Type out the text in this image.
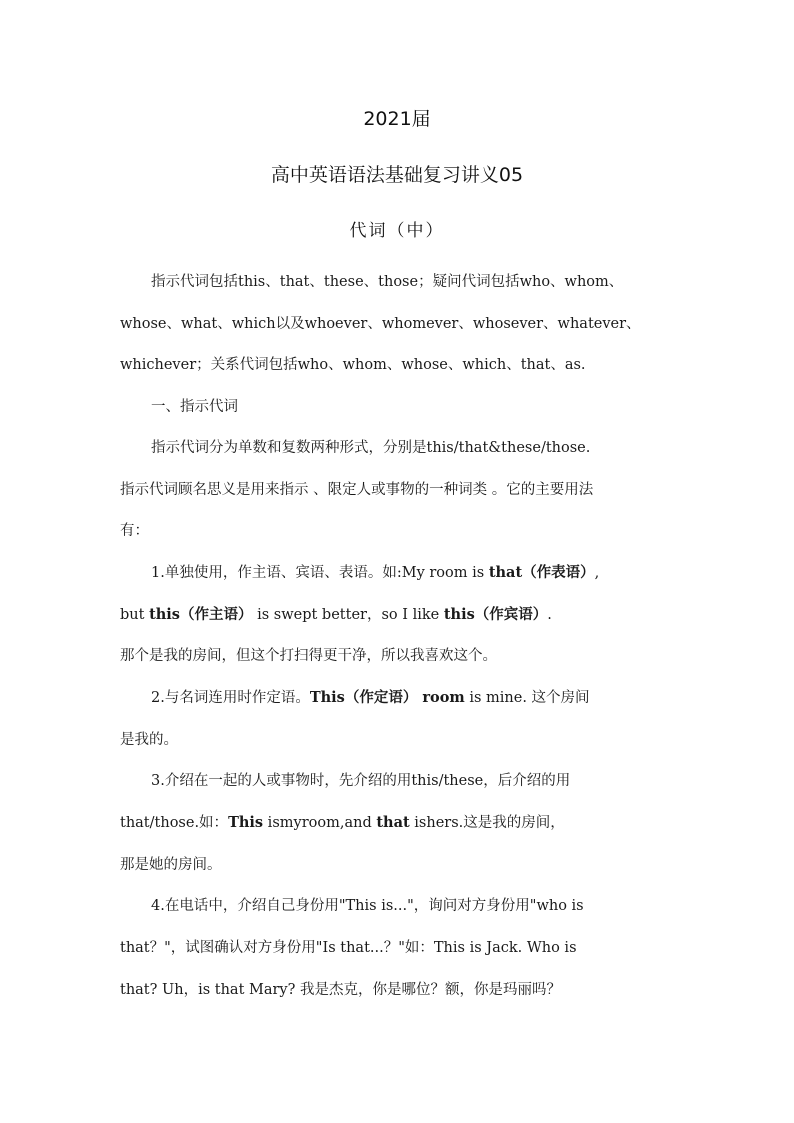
2021届
高中英语语法基础复习讲义05
代词（中）
指示代词包括this、that、these、those；疑问代词包括who、whom、
whose、what、which以及whoever、whomever、whosever、whatever、
whichever；关系代词包括who、whom、whose、which、that、as.
一、指示代词
指示代词分为单数和复数两种形式，分别是this/that&these/those.
指示代词顾名思义是用来指示 、限定人或事物的一种词类 。它的主要用法
有：
1.单独使用，作主语、宾语、表语。如:My room is that（作表语）,
but this（作主语） is swept better，so I like this（作宾语）.
那个是我的房间，但这个打扫得更干净，所以我喜欢这个。
2.与名词连用时作定语。This（作定语） room is mine. 这个房间
是我的。
3.介绍在一起的人或事物时，先介绍的用this/these，后介绍的用
that/those.如：This ismyroom,and that ishers.这是我的房间，
那是她的房间。
4.在电话中，介绍自己身份用"This is..."，询问对方身份用"who is
that？"，试图确认对方身份用"Is that...？"如：This is Jack. Who is
that? Uh，is that Mary? 我是杰克，你是哪位？额，你是玛丽吗？
